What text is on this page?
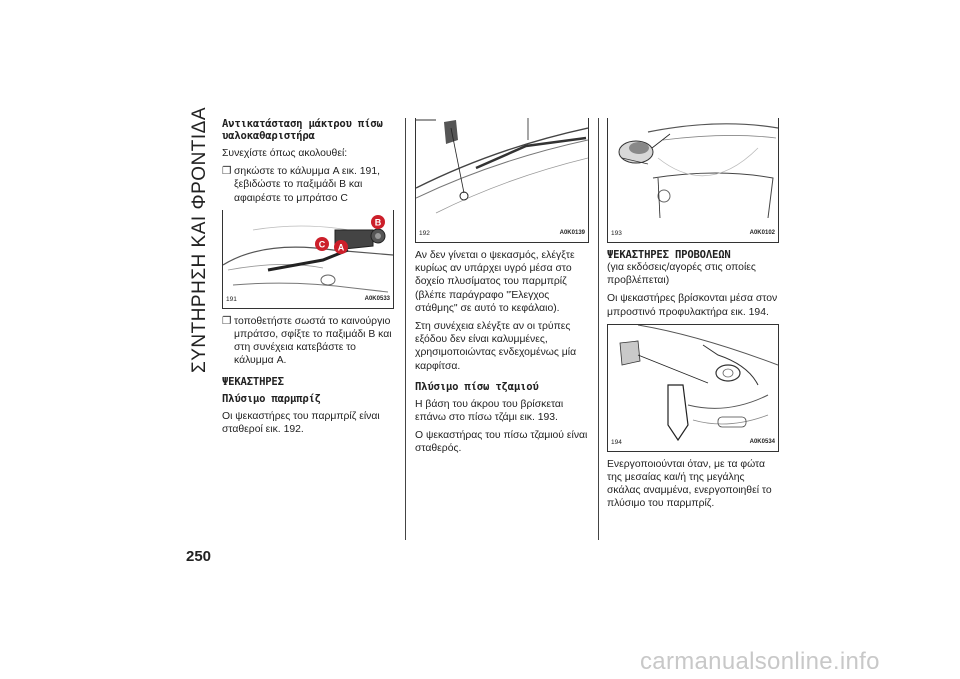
ΣΥΝΤΗΡΗΣΗ ΚΑΙ ΦΡΟΝΤΙΔΑ
250

Αντικατάσταση μάκτρου πίσω
υαλοκαθαριστήρα

Συνεχίστε όπως ακολουθεί:

❐ σηκώστε το κάλυμμα A εικ. 191, ξεβιδώστε το παξιμάδι B και αφαιρέστε το μπράτσο C

B
C A
191	A0K0533

❐ τοποθετήστε σωστά το καινούργιο μπράτσο, σφίξτε το παξιμάδι B και στη συνέχεια κατεβάστε το κάλυμμα A.

ΨΕΚΑΣΤΗΡΕΣ

Πλύσιμο παρμπρίζ

Οι ψεκαστήρες του παρμπρίζ είναι σταθεροί εικ. 192.

192	A0K0139

Αν δεν γίνεται ο ψεκασμός, ελέγξτε κυρίως αν υπάρχει υγρό μέσα στο δοχείο πλυσίματος του παρμπρίζ (βλέπε παράγραφο "Έλεγχος στάθμης" σε αυτό το κεφάλαιο).

Στη συνέχεια ελέγξτε αν οι τρύπες εξόδου δεν είναι καλυμμένες, χρησιμοποιώντας ενδεχομένως μία καρφίτσα.

Πλύσιμο πίσω τζαμιού

Η βάση του άκρου του βρίσκεται επάνω στο πίσω τζάμι εικ. 193.

Ο ψεκαστήρας του πίσω τζαμιού είναι σταθερός.

193	A0K0102

ΨΕΚΑΣΤΗΡΕΣ ΠΡΟΒΟΛΕΩΝ

(για εκδόσεις/αγορές στις οποίες προβλέπεται)

Οι ψεκαστήρες βρίσκονται μέσα στον μπροστινό προφυλακτήρα εικ. 194.

194	A0K0534

Ενεργοποιούνται όταν, με τα φώτα της μεσαίας και/ή της μεγάλης σκάλας αναμμένα, ενεργοποιηθεί το πλύσιμο του παρμπρίζ.

carmanualsonline.info
